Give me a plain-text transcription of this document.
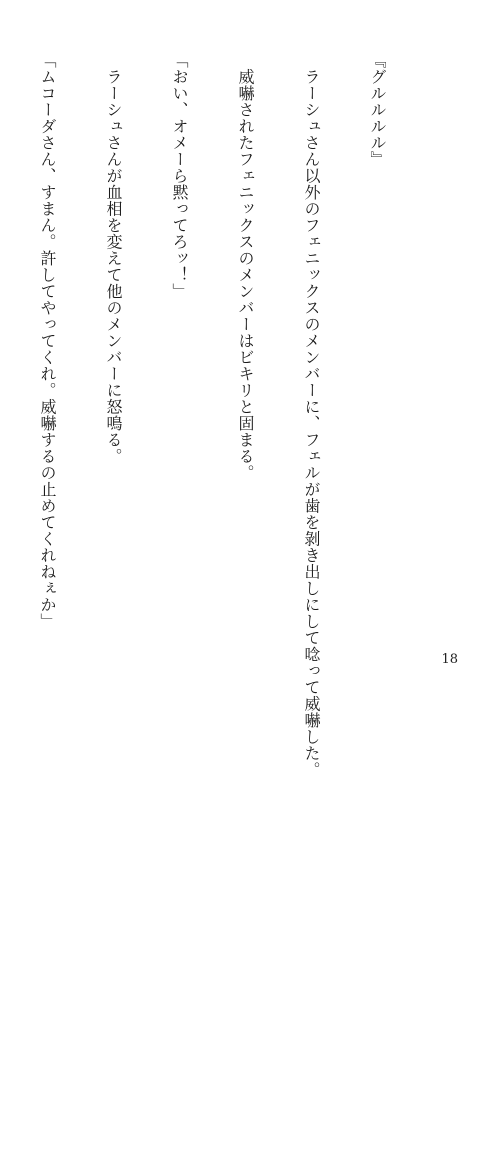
『グルルルル』

　ラーシュさん以外のフェニックスのメンバーに、フェルが歯を剝き出しにして唸って威嚇した。

　威嚇されたフェニックスのメンバーはビキリと固まる。

「おい、オメーら黙ってろッ！」

　ラーシュさんが血相を変えて他のメンバーに怒鳴る。

「ムコーダさん、すまん。許してやってくれ。威嚇するの止めてくれねぇか」

18
